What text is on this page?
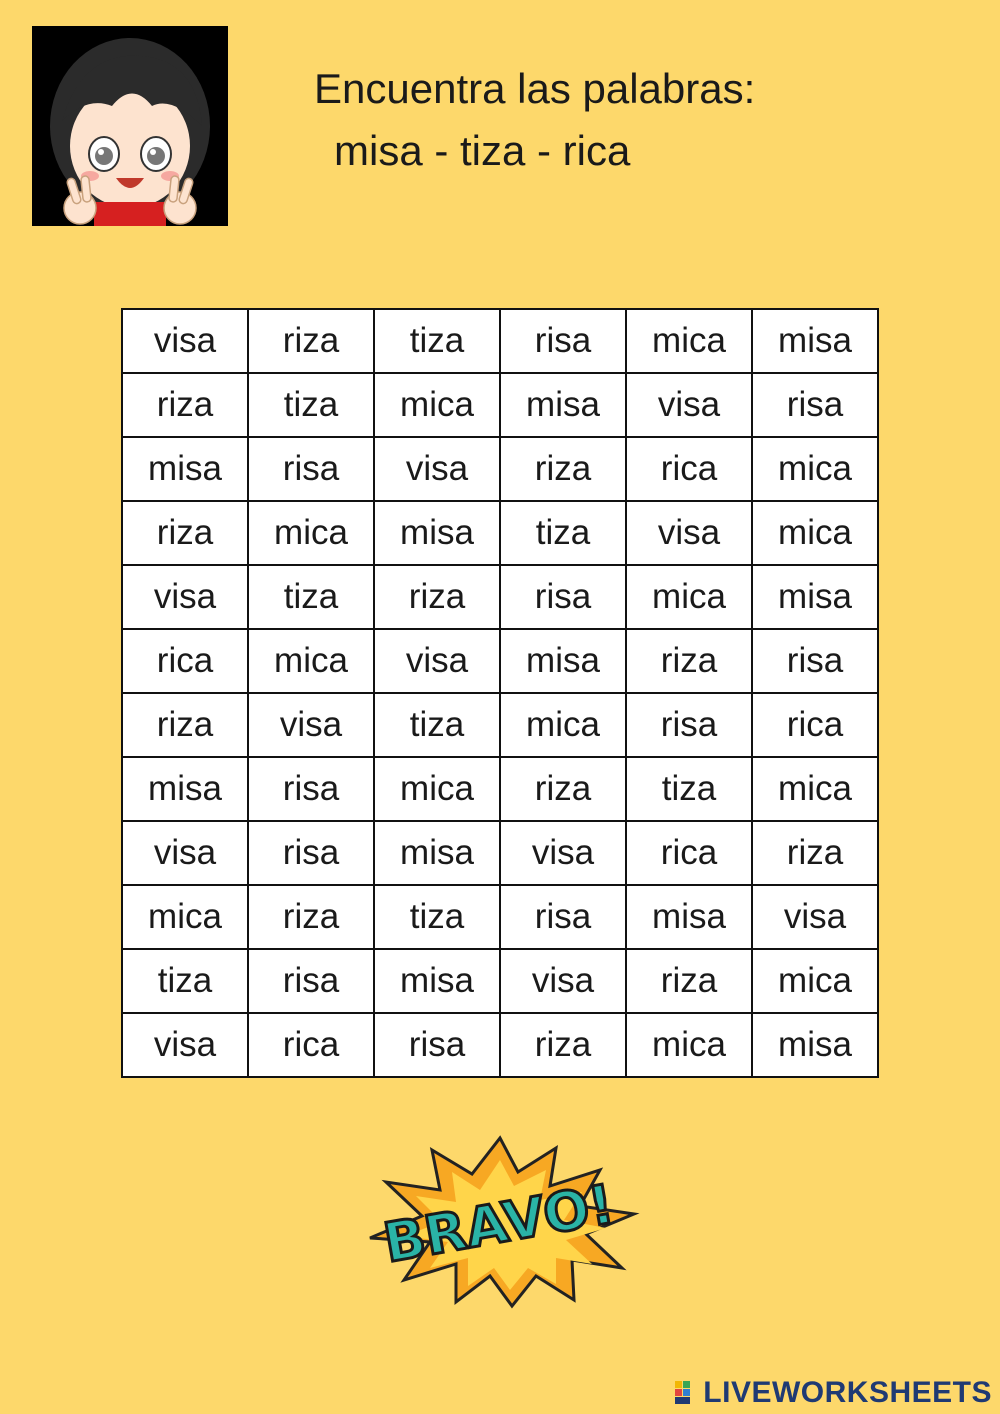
Encuentra las palabras:
misa - tiza - rica
visa	riza	tiza	risa	mica	misa
riza	tiza	mica	misa	visa	risa
misa	risa	visa	riza	rica	mica
riza	mica	misa	tiza	visa	mica
visa	tiza	riza	risa	mica	misa
rica	mica	visa	misa	riza	risa
riza	visa	tiza	mica	risa	rica
misa	risa	mica	riza	tiza	mica
visa	risa	misa	visa	rica	riza
mica	riza	tiza	risa	misa	visa
tiza	risa	misa	visa	riza	mica
visa	rica	risa	riza	mica	misa
BRAVO!
LIVEWORKSHEETS
